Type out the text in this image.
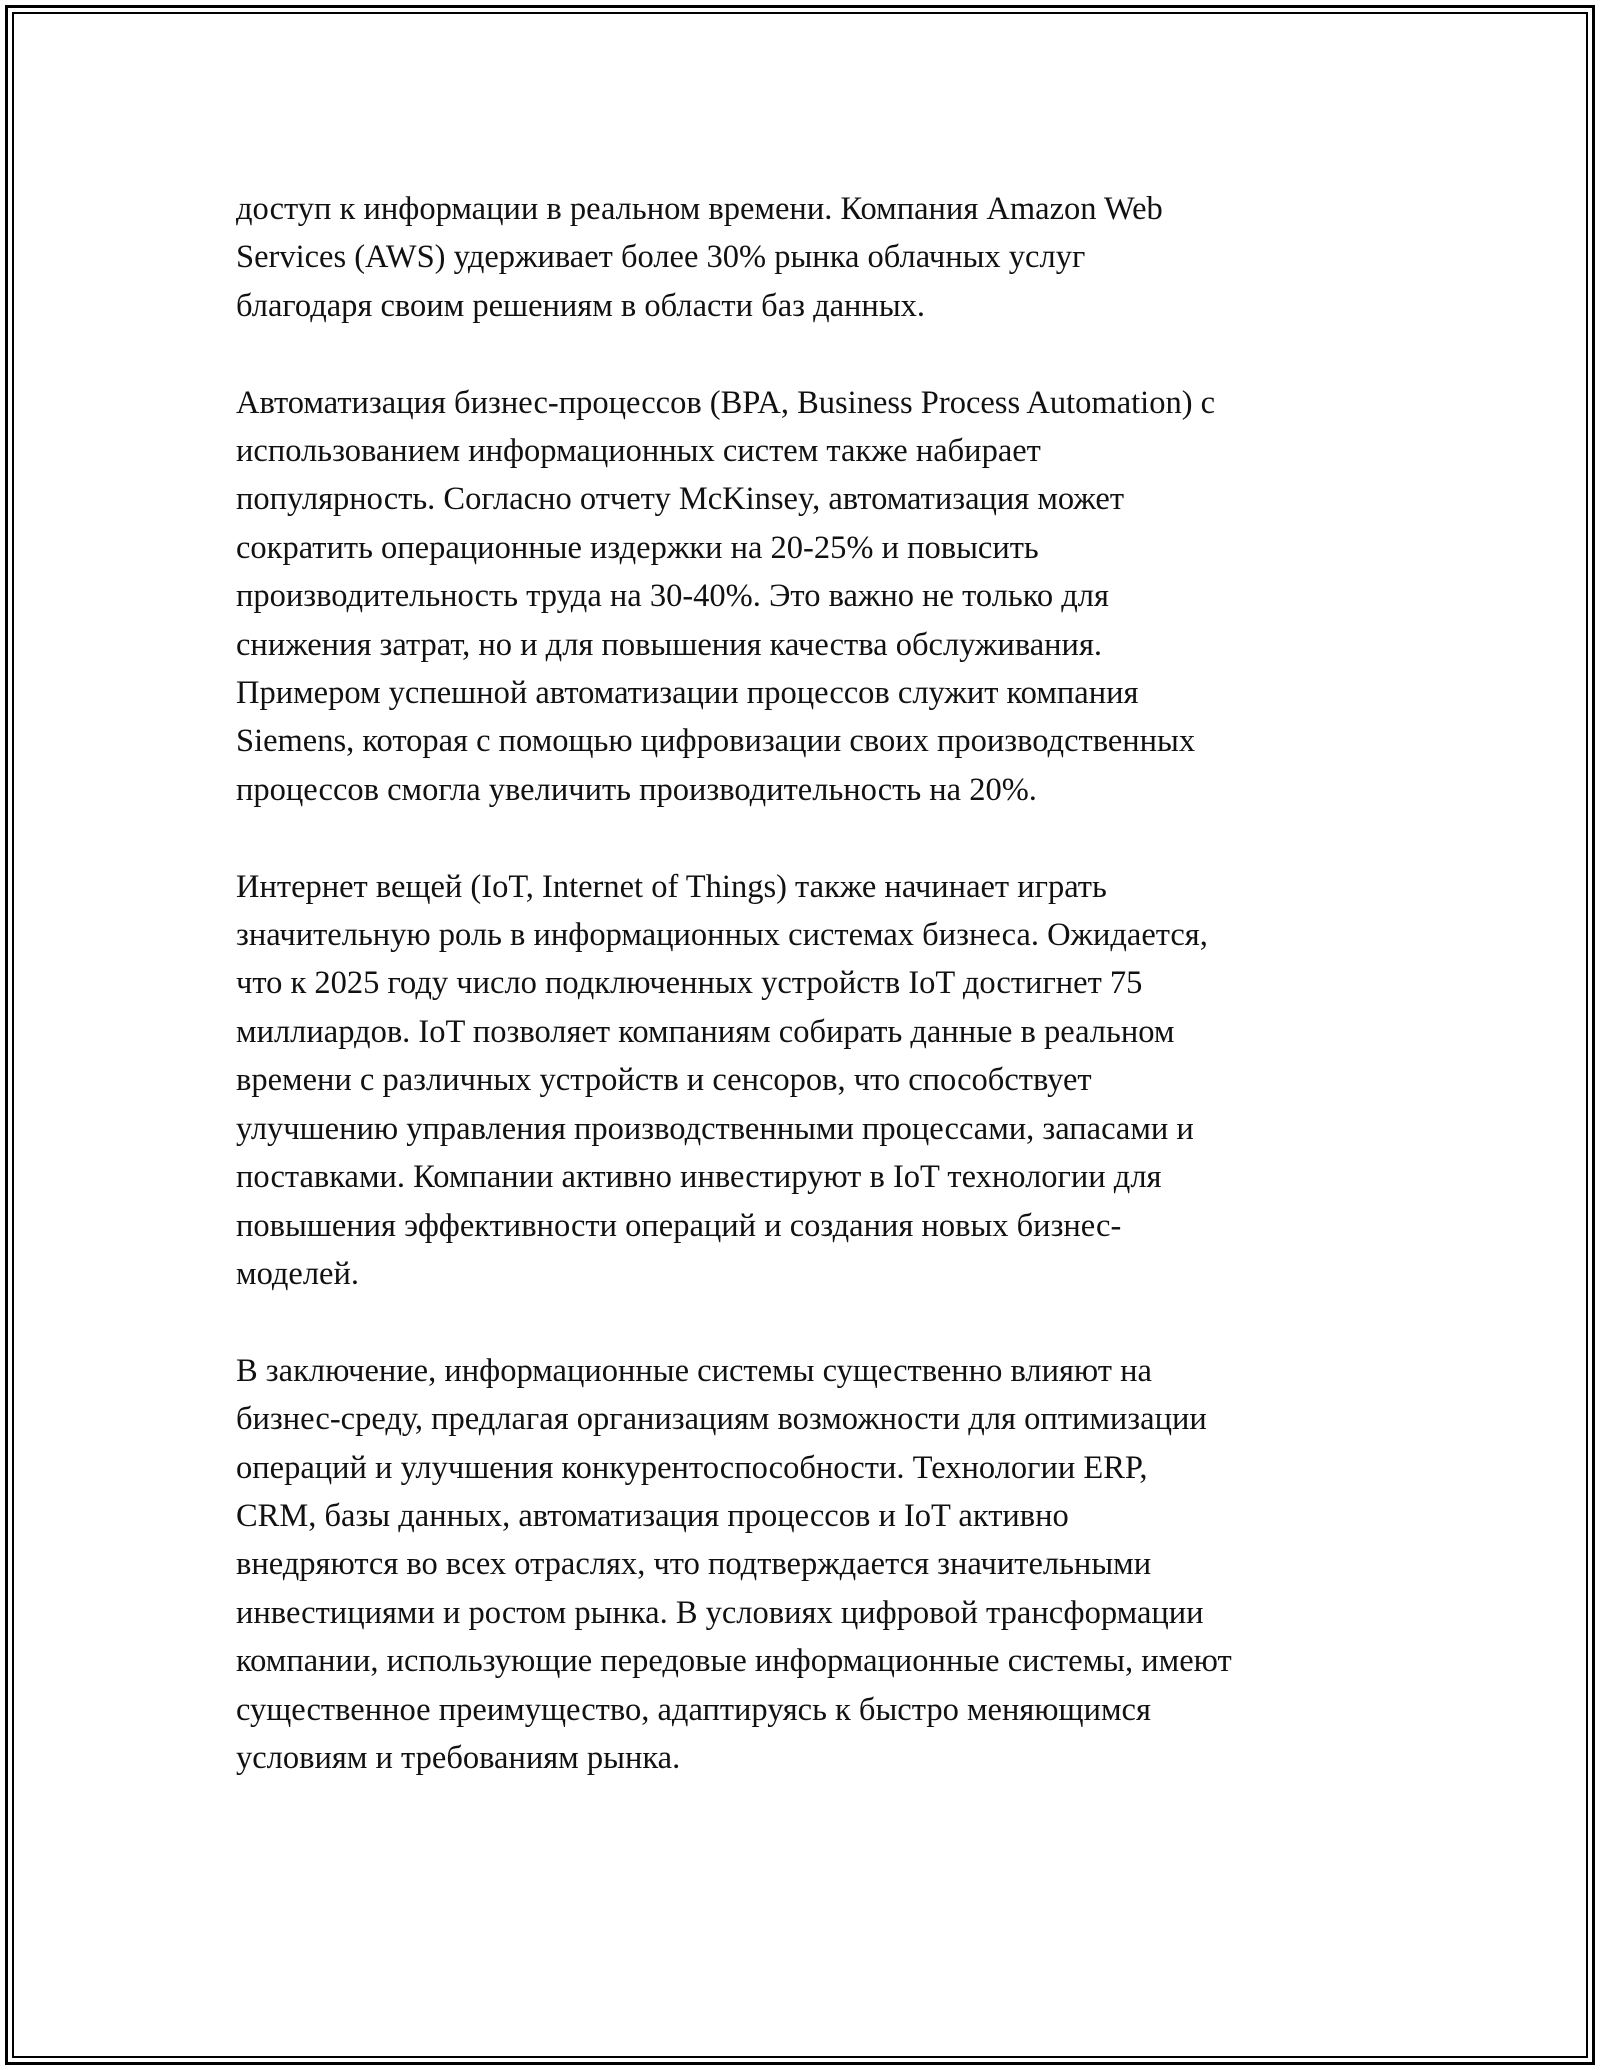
доступ к информации в реальном времени. Компания Amazon Web
Services (AWS) удерживает более 30% рынка облачных услуг
благодаря своим решениям в области баз данных.

Автоматизация бизнес-процессов (BPA, Business Process Automation) с
использованием информационных систем также набирает
популярность. Согласно отчету McKinsey, автоматизация может
сократить операционные издержки на 20-25% и повысить
производительность труда на 30-40%. Это важно не только для
снижения затрат, но и для повышения качества обслуживания.
Примером успешной автоматизации процессов служит компания
Siemens, которая с помощью цифровизации своих производственных
процессов смогла увеличить производительность на 20%.

Интернет вещей (IoT, Internet of Things) также начинает играть
значительную роль в информационных системах бизнеса. Ожидается,
что к 2025 году число подключенных устройств IoT достигнет 75
миллиардов. IoT позволяет компаниям собирать данные в реальном
времени с различных устройств и сенсоров, что способствует
улучшению управления производственными процессами, запасами и
поставками. Компании активно инвестируют в IoT технологии для
повышения эффективности операций и создания новых бизнес-
моделей.

В заключение, информационные системы существенно влияют на
бизнес-среду, предлагая организациям возможности для оптимизации
операций и улучшения конкурентоспособности. Технологии ERP,
CRM, базы данных, автоматизация процессов и IoT активно
внедряются во всех отраслях, что подтверждается значительными
инвестициями и ростом рынка. В условиях цифровой трансформации
компании, использующие передовые информационные системы, имеют
существенное преимущество, адаптируясь к быстро меняющимся
условиям и требованиям рынка.
